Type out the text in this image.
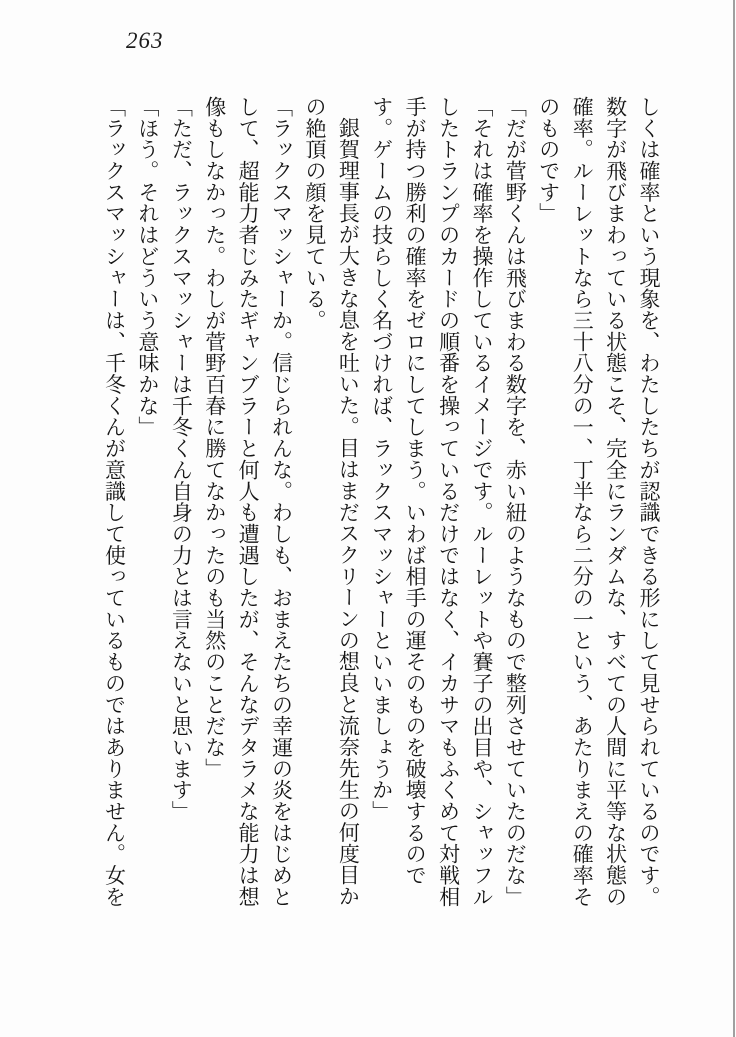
263

しくは確率という現象を、わたしたちが認識できる形にして見せられているのです。数字が飛びまわっている状態こそ、完全にランダムな、すべての人間に平等な状態の確率。ルーレットなら三十八分の一、丁半なら二分の一という、あたりまえの確率そのものです」

「だが菅野くんは飛びまわる数字を、赤い紐のようなもので整列させていたのだな」

「それは確率を操作しているイメージです。ルーレットや賽子の出目や、シャッフルしたトランプのカードの順番を操っているだけではなく、イカサマもふくめて対戦相手が持つ勝利の確率をゼロにしてしまう。いわば相手の運そのものを破壊するのです。ゲームの技らしく名づければ、ラックスマッシャーといいましょうか」

銀賀理事長が大きな息を吐いた。目はまだスクリーンの想良と流奈先生の何度目かの絶頂の顔を見ている。

「ラックスマッシャーか。信じられんな。わしも、おまえたちの幸運の炎をはじめとして、超能力者じみたギャンブラーと何人も遭遇したが、そんなデタラメな能力は想像もしなかった。わしが菅野百春に勝てなかったのも当然のことだな」

「ただ、ラックスマッシャーは千冬くん自身の力とは言えないと思います」

「ほう。それはどういう意味かな」

「ラックスマッシャーは、千冬くんが意識して使っているものではありません。女を
